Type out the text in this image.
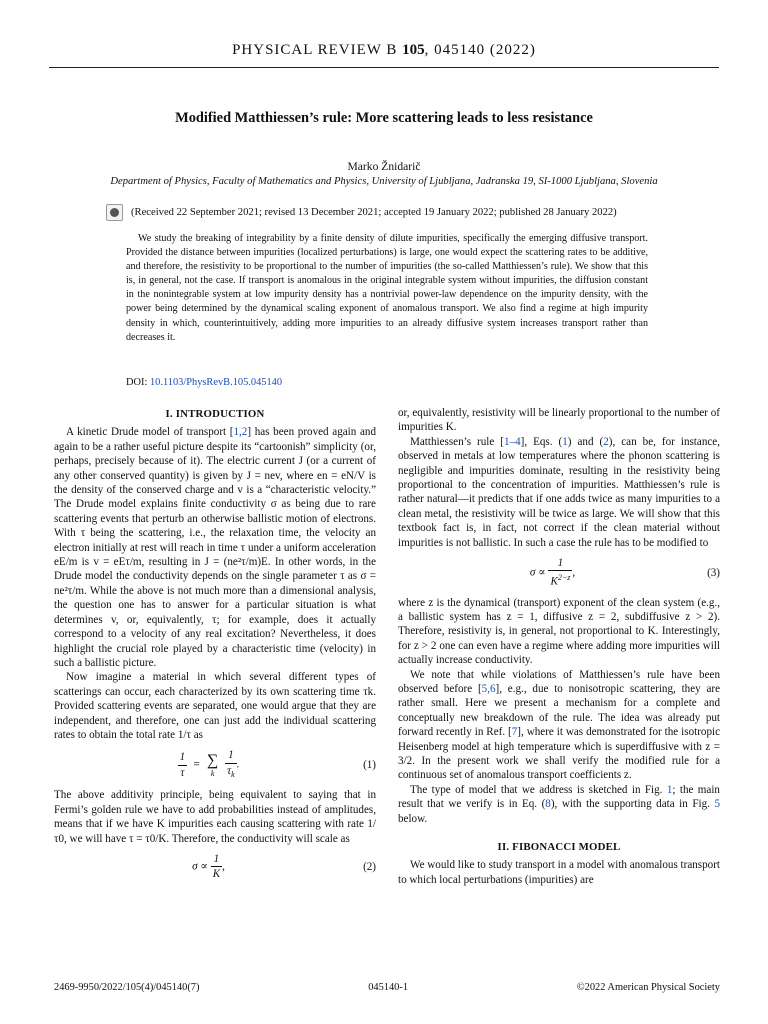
PHYSICAL REVIEW B 105, 045140 (2022)
Modified Matthiessen’s rule: More scattering leads to less resistance
Marko Žnidarič
Department of Physics, Faculty of Mathematics and Physics, University of Ljubljana, Jadranska 19, SI-1000 Ljubljana, Slovenia
(Received 22 September 2021; revised 13 December 2021; accepted 19 January 2022; published 28 January 2022)

We study the breaking of integrability by a finite density of dilute impurities, specifically the emerging diffusive transport. Provided the distance between impurities (localized perturbations) is large, one would expect the scattering rates to be additive, and therefore, the resistivity to be proportional to the number of impurities (the so-called Matthiessen’s rule). We show that this is, in general, not the case. If transport is anomalous in the original integrable system without impurities, the diffusion constant in the nonintegrable system at low impurity density has a nontrivial power-law dependence on the impurity density, with the power being determined by the dynamical scaling exponent of anomalous transport. We also find a regime at high impurity density in which, counterintuitively, adding more impurities to an already diffusive system increases transport rather than decreases it.

DOI: 10.1103/PhysRevB.105.045140
I. INTRODUCTION

A kinetic Drude model of transport [1,2] has been proved again and again to be a rather useful picture despite its “cartoonish” simplicity (or, perhaps, precisely because of it). The electric current J (or a current of any other conserved quantity) is given by J = nev, where en = eN/V is the density of the conserved charge and v is a “characteristic velocity.” The Drude model explains finite conductivity σ as being due to rare scattering events that perturb an otherwise ballistic motion of electrons. With τ being the scattering, i.e., the relaxation time, the velocity an electron initially at rest will reach in time τ under a uniform acceleration eE/m is v = eEτ/m, resulting in J = (ne²τ/m)E. In other words, in the Drude model the conductivity depends on the single parameter τ as σ = ne²τ/m. While the above is not much more than a dimensional analysis, the question one has to answer for a particular situation is what determines v, or, equivalently, τ; for example, does it actually correspond to a velocity of any real excitation? Nevertheless, it does highlight the crucial role played by a characteristic time (velocity) in such a ballistic picture.

Now imagine a material in which several different types of scatterings can occur, each characterized by its own scattering time τk. Provided scattering events are separated, one would argue that they are independent, and therefore, one can just add the individual scattering rates to obtain the total rate 1/τ as

$\frac{1}{\tau}$ = ∑
k
$\frac{1}{\tau_k}$ .	(1)

The above additivity principle, being equivalent to saying that in Fermi’s golden rule we have to add probabilities instead of amplitudes, means that if we have K impurities each causing scattering with rate 1/τ0, we will have τ = τ0/K. Therefore, the conductivity will scale as

$\sigma \propto \frac{1}{K}$ ,	(2)

or, equivalently, resistivity will be linearly proportional to the number of impurities K.

Matthiessen’s rule [1–4], Eqs. (1) and (2), can be, for instance, observed in metals at low temperatures where the phonon scattering is negligible and impurities dominate, resulting in the resistivity being proportional to the concentration of impurities. Matthiessen’s rule is rather natural—it predicts that if one adds twice as many impurities to a clean metal, the resistivity will be twice as large. We will show that this textbook fact is, in fact, not correct if the clean material without impurities is not ballistic. In such a case the rule has to be modified to

$\sigma \propto \frac{1}{K^{2-z}}$ ,	(3)

where z is the dynamical (transport) exponent of the clean system (e.g., a ballistic system has z = 1, diffusive z = 2, subdiffusive z > 2). Therefore, resistivity is, in general, not proportional to K. Interestingly, for z > 2 one can even have a regime where adding more impurities will actually increase conductivity.

We note that while violations of Matthiessen’s rule have been observed before [5,6], e.g., due to nonisotropic scattering, they are rather small. Here we present a mechanism for a complete and conceptually new breakdown of the rule. The idea was already put forward recently in Ref. [7], where it was demonstrated for the isotropic Heisenberg model at high temperature which is superdiffusive with z = 3/2. In the present work we shall verify the modified rule for a continuous set of anomalous transport coefficients z.

The type of model that we address is sketched in Fig. 1; the main result that we verify is in Eq. (8), with the supporting data in Fig. 5 below.

II. FIBONACCI MODEL

We would like to study transport in a model with anomalous transport to which local perturbations (impurities) are

2469-9950/2022/105(4)/045140(7)	045140-1	©2022 American Physical Society
